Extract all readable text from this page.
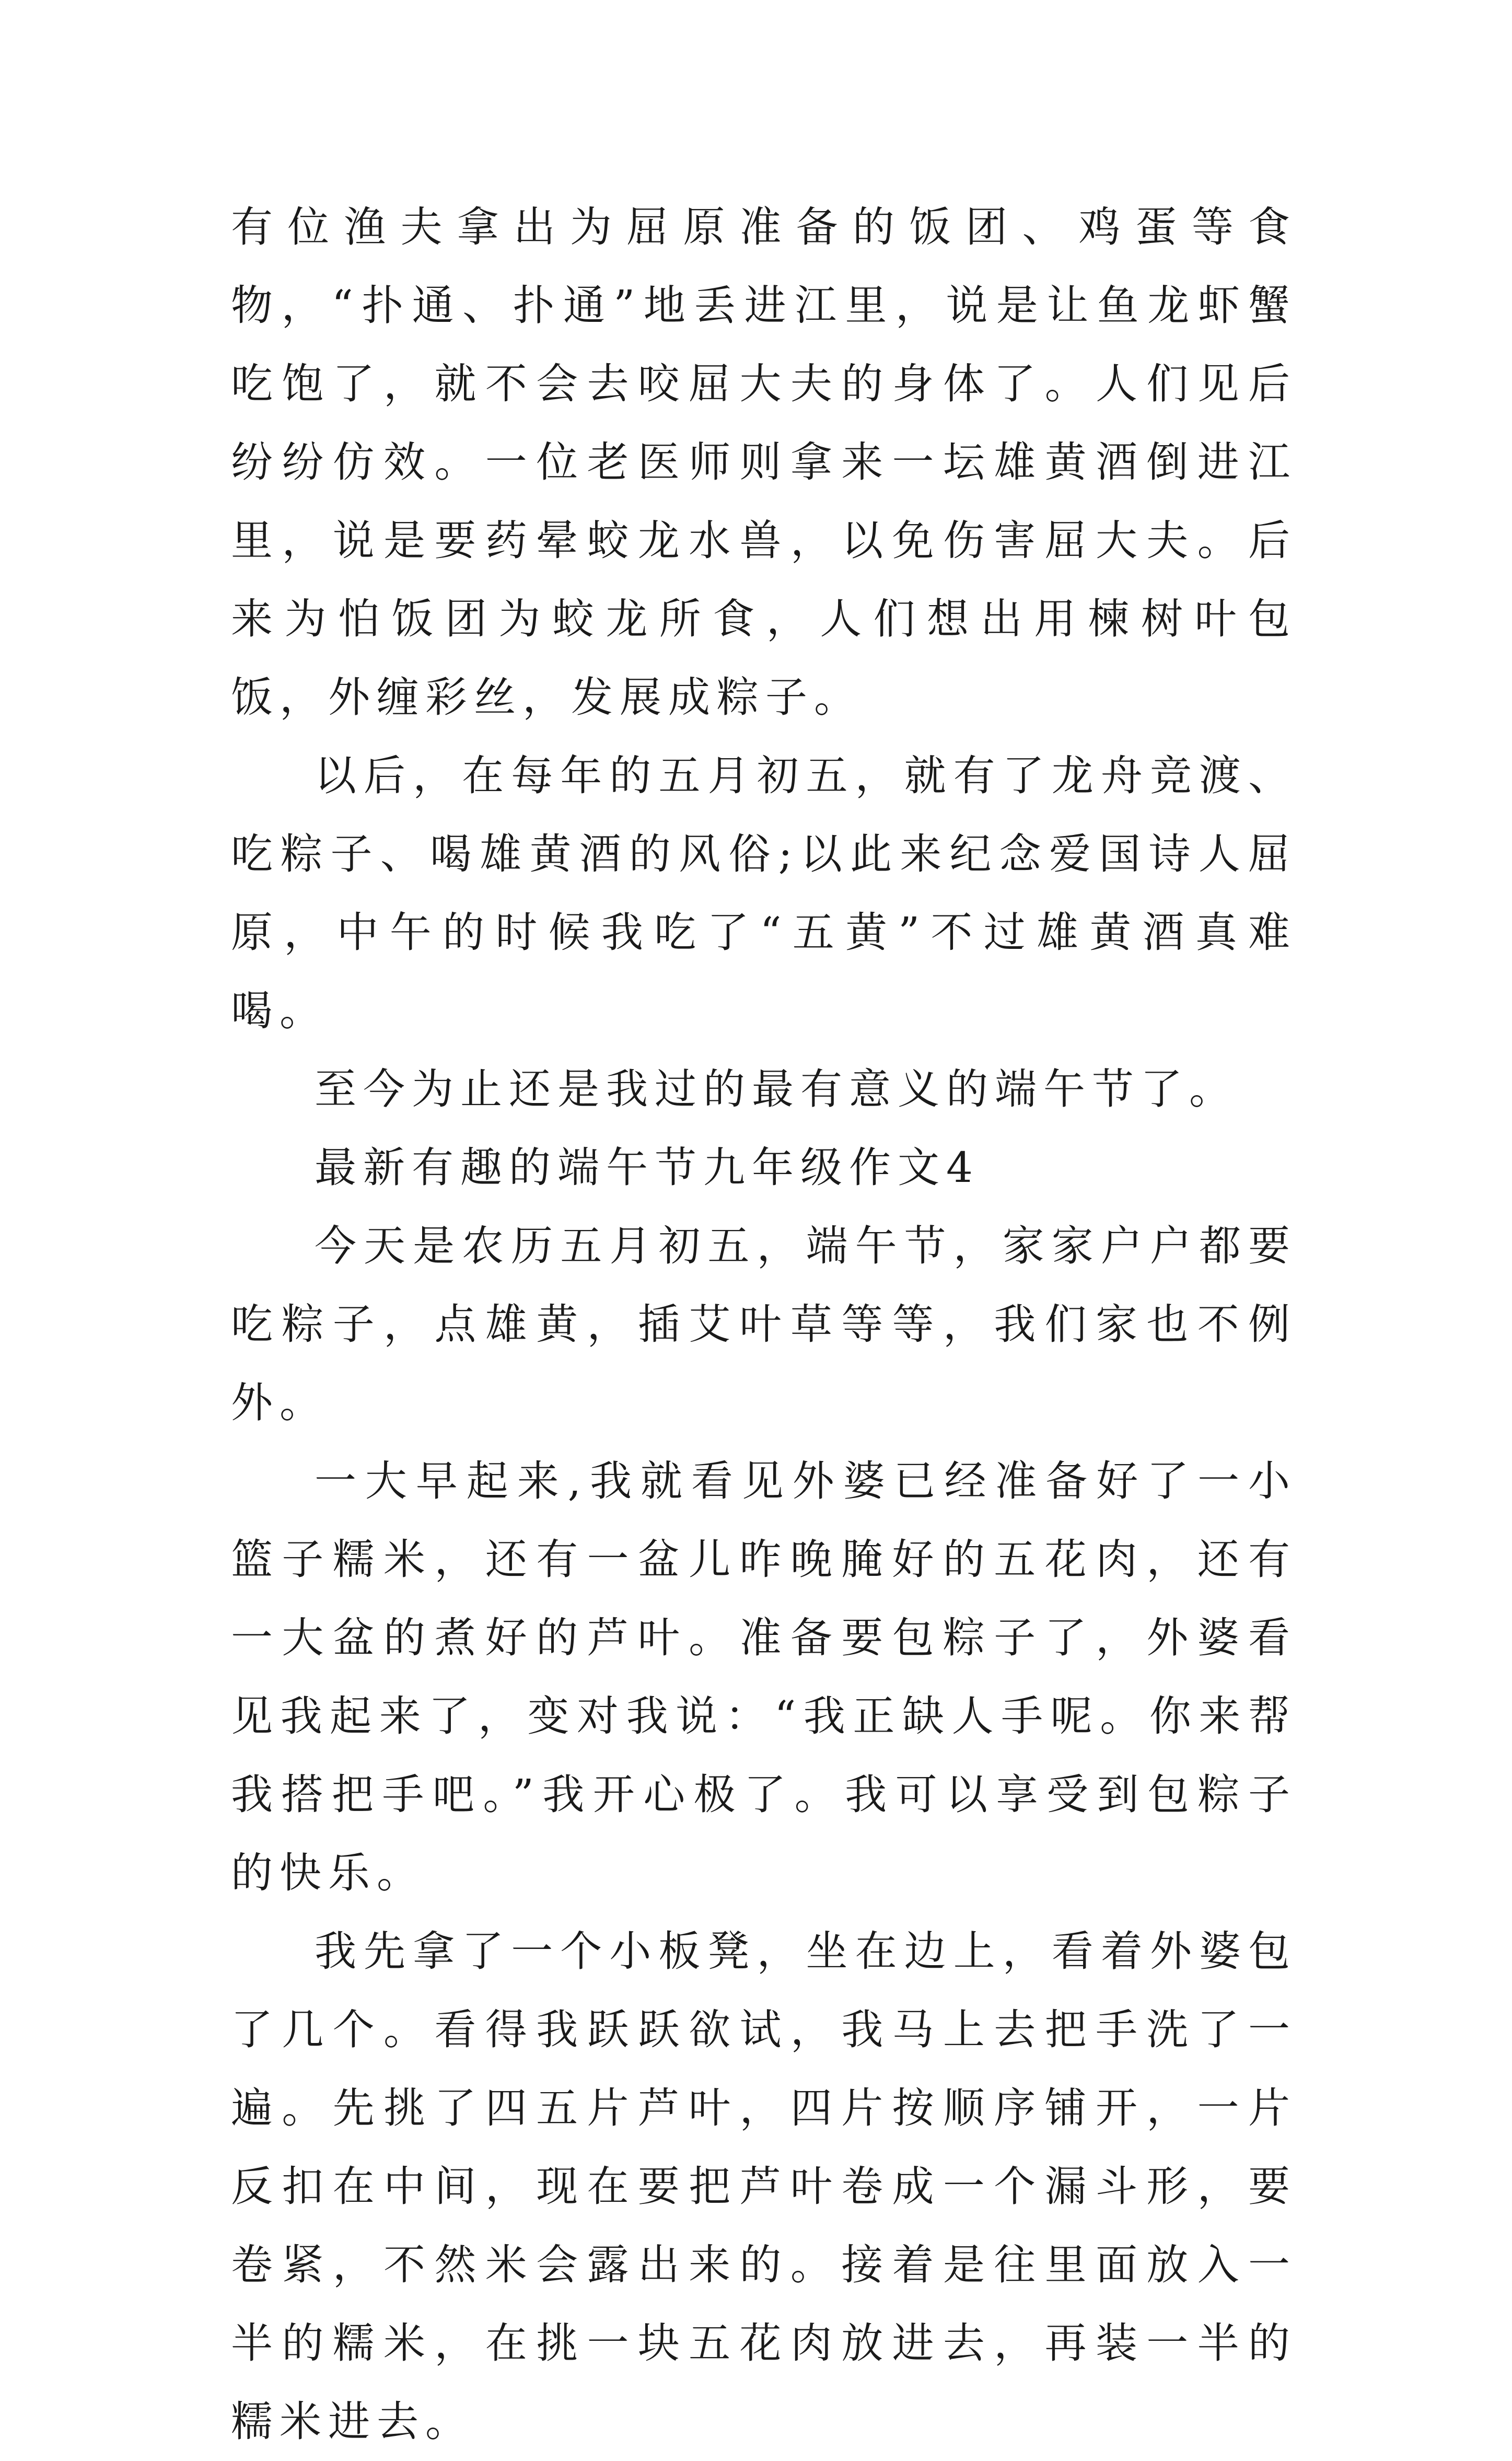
有位渔夫拿出为屈原准备的饭团、鸡蛋等食物，“扑通、扑通”地丢进江里，说是让鱼龙虾蟹吃饱了，就不会去咬屈大夫的身体了。人们见后纷纷仿效。一位老医师则拿来一坛雄黄酒倒进江里，说是要药晕蛟龙水兽，以免伤害屈大夫。后来为怕饭团为蛟龙所食，人们想出用楝树叶包饭，外缠彩丝，发展成粽子。

以后，在每年的五月初五，就有了龙舟竞渡、吃粽子、喝雄黄酒的风俗;以此来纪念爱国诗人屈原，中午的时候我吃了“五黄”不过雄黄酒真难喝。

至今为止还是我过的最有意义的端午节了。

最新有趣的端午节九年级作文4

今天是农历五月初五，端午节，家家户户都要吃粽子，点雄黄，插艾叶草等等，我们家也不例外。

一大早起来,我就看见外婆已经准备好了一小篮子糯米，还有一盆儿昨晚腌好的五花肉，还有一大盆的煮好的芦叶。准备要包粽子了，外婆看见我起来了，变对我说：“我正缺人手呢。你来帮我搭把手吧。”我开心极了。我可以享受到包粽子的快乐。

我先拿了一个小板凳，坐在边上，看着外婆包了几个。看得我跃跃欲试，我马上去把手洗了一遍。先挑了四五片芦叶，四片按顺序铺开，一片反扣在中间，现在要把芦叶卷成一个漏斗形，要卷紧，不然米会露出来的。接着是往里面放入一半的糯米，在挑一块五花肉放进去，再装一半的糯米进去。
